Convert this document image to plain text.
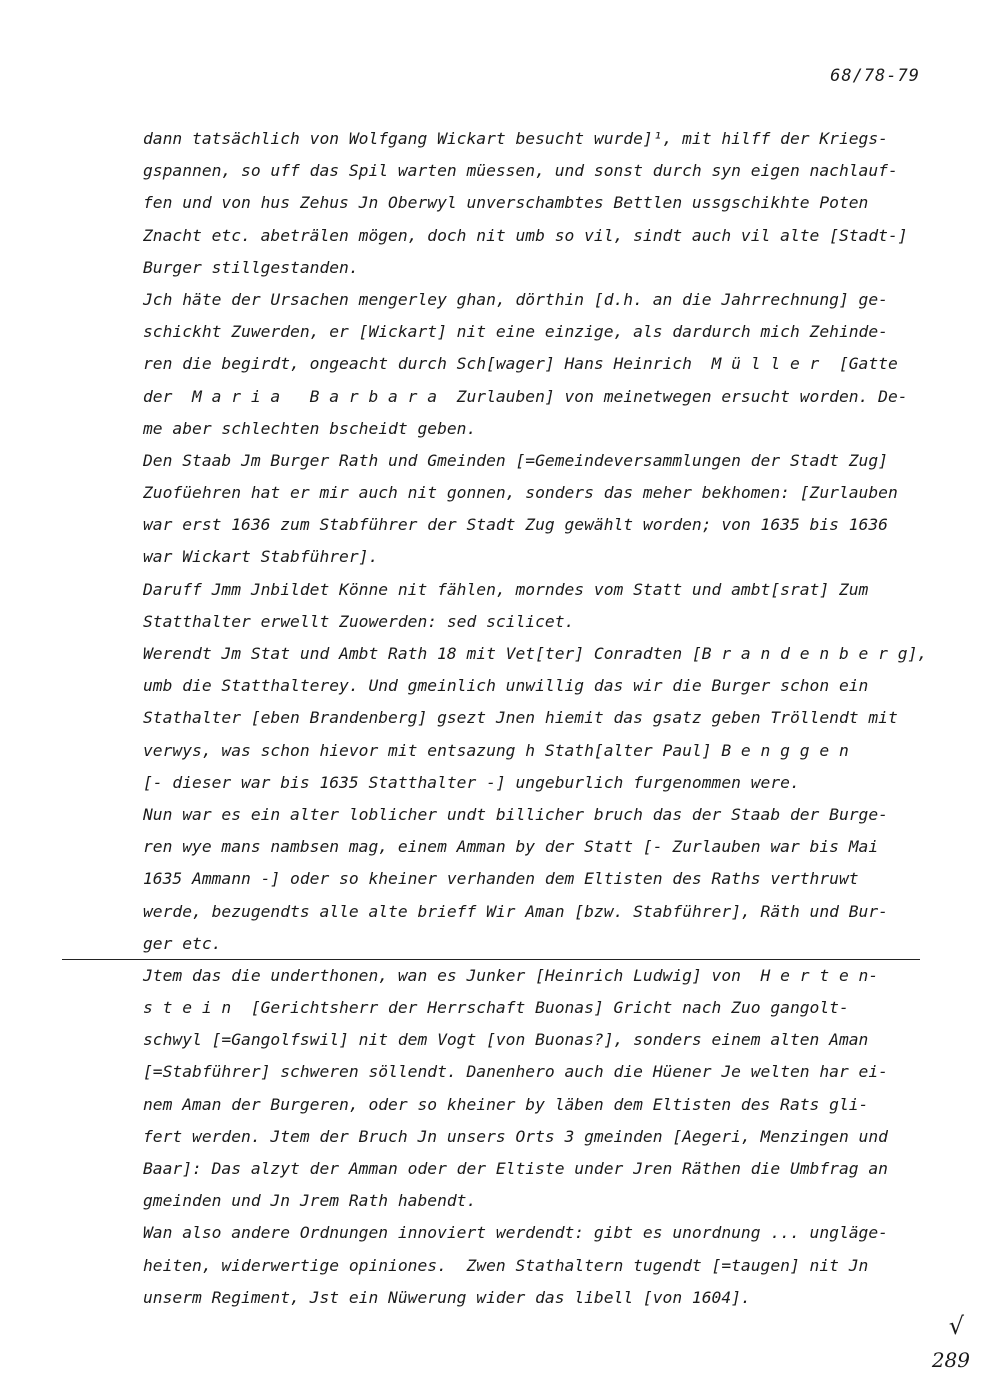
68/78-79
dann tatsächlich von Wolfgang Wickart besucht wurde]¹, mit hilff der Kriegs-
gspannen, so uff das Spil warten müessen, und sonst durch syn eigen nachlauf-
fen und von hus Zehus Jn Oberwyl unverschambtes Bettlen ussgschikhte Poten
Znacht etc. abeträlen mögen, doch nit umb so vil, sindt auch vil alte [Stadt-]
Burger stillgestanden.
Jch häte der Ursachen mengerley ghan, dörthin [d.h. an die Jahrrechnung] ge-
schickht Zuwerden, er [Wickart] nit eine einzige, als dardurch mich Zehinde-
ren die begirdt, ongeacht durch Sch[wager] Hans Heinrich  M ü l l e r  [Gatte
der  M a r i a   B a r b a r a  Zurlauben] von meinetwegen ersucht worden. De-
me aber schlechten bscheidt geben.
Den Staab Jm Burger Rath und Gmeinden [=Gemeindeversammlungen der Stadt Zug]
Zuofüehren hat er mir auch nit gonnen, sonders das meher bekhomen: [Zurlauben
war erst 1636 zum Stabführer der Stadt Zug gewählt worden; von 1635 bis 1636
war Wickart Stabführer].
Daruff Jmm Jnbildet Könne nit fählen, morndes vom Statt und ambt[srat] Zum
Statthalter erwellt Zuowerden: sed scilicet.
Werendt Jm Stat und Ambt Rath 18 mit Vet[ter] Conradten [B r a n d e n b e r g],
umb die Statthalterey. Und gmeinlich unwillig das wir die Burger schon ein
Stathalter [eben Brandenberg] gsezt Jnen hiemit das gsatz geben Tröllendt mit
verwys, was schon hievor mit entsazung h Stath[alter Paul] B e n g g e n
[- dieser war bis 1635 Statthalter -] ungeburlich furgenommen were.
Nun war es ein alter loblicher undt billicher bruch das der Staab der Burge-
ren wye mans nambsen mag, einem Amman by der Statt [- Zurlauben war bis Mai
1635 Ammann -] oder so kheiner verhanden dem Eltisten des Raths verthruwt
werde, bezugendts alle alte brieff Wir Aman [bzw. Stabführer], Räth und Bur-
ger etc.
Jtem das die underthonen, wan es Junker [Heinrich Ludwig] von  H e r t e n-
s t e i n  [Gerichtsherr der Herrschaft Buonas] Gricht nach Zuo gangolt-
schwyl [=Gangolfswil] nit dem Vogt [von Buonas?], sonders einem alten Aman
[=Stabführer] schweren söllendt. Danenhero auch die Hüener Je welten har ei-
nem Aman der Burgeren, oder so kheiner by läben dem Eltisten des Rats gli-
fert werden. Jtem der Bruch Jn unsers Orts 3 gmeinden [Aegeri, Menzingen und
Baar]: Das alzyt der Amman oder der Eltiste under Jren Räthen die Umbfrag an
gmeinden und Jn Jrem Rath habendt.
Wan also andere Ordnungen innoviert werdendt: gibt es unordnung ... ungläge-
heiten, widerwertige opiniones.  Zwen Stathaltern tugendt [=taugen] nit Jn
unserm Regiment, Jst ein Nüwerung wider das libell [von 1604].
√
289
